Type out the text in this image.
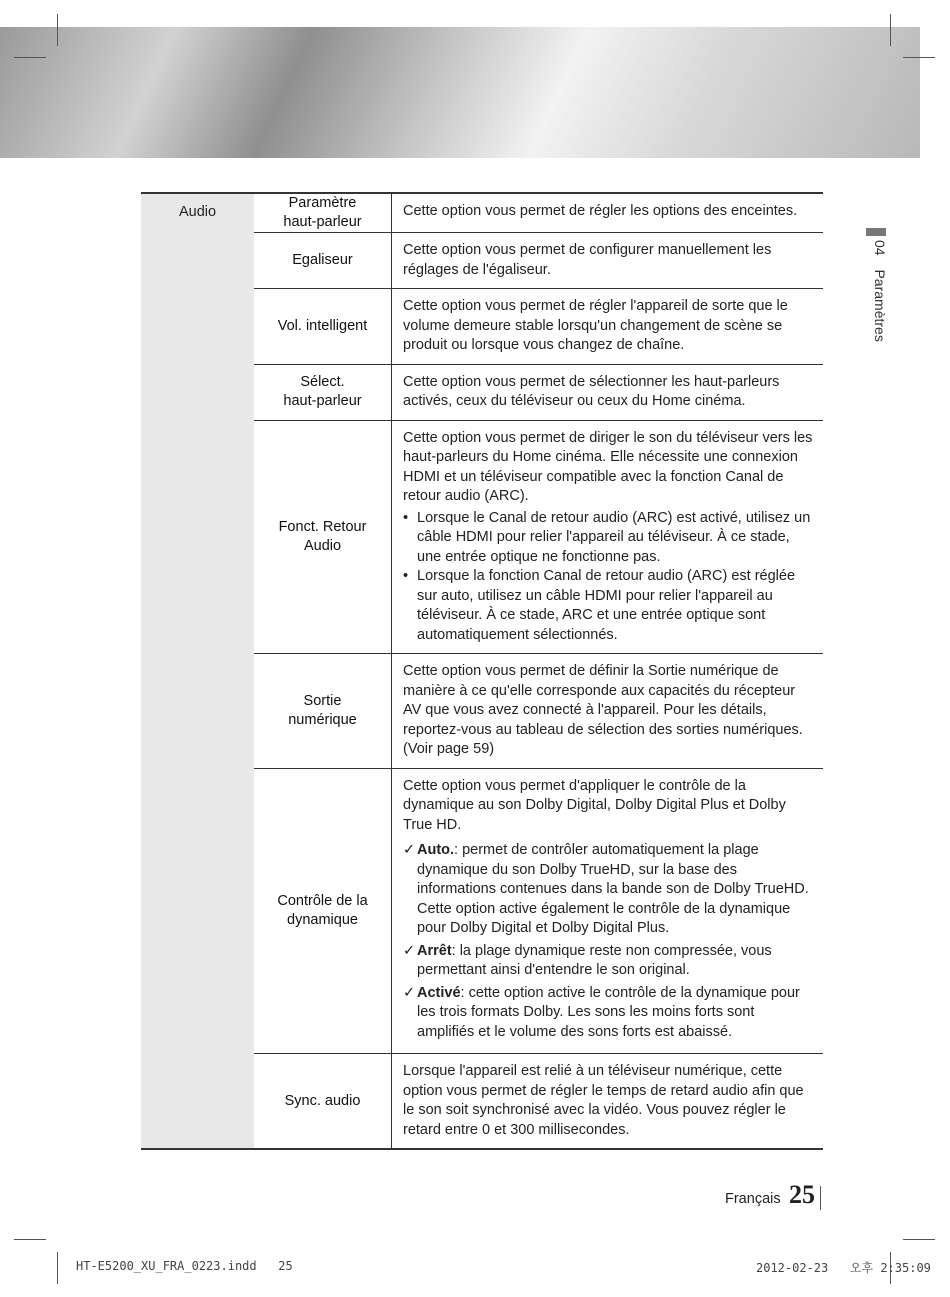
04 Paramètres
Audio
Paramètre
haut-parleur

Cette option vous permet de régler les options des enceintes.

Egaliseur

Cette option vous permet de configurer manuellement les réglages de l'égaliseur.

Vol. intelligent

Cette option vous permet de régler l'appareil de sorte que le volume demeure stable lorsqu'un changement de scène se produit ou lorsque vous changez de chaîne.

Sélect.
haut-parleur

Cette option vous permet de sélectionner les haut-parleurs activés, ceux du téléviseur ou ceux du Home cinéma.

Fonct. Retour
Audio

Cette option vous permet de diriger le son du téléviseur vers les haut-parleurs du Home cinéma. Elle nécessite une connexion HDMI et un téléviseur compatible avec la fonction Canal de retour audio (ARC).

• Lorsque le Canal de retour audio (ARC) est activé, utilisez un câble HDMI pour relier l'appareil au téléviseur. À ce stade, une entrée optique ne fonctionne pas.
• Lorsque la fonction Canal de retour audio (ARC) est réglée sur auto, utilisez un câble HDMI pour relier l'appareil au téléviseur. À ce stade, ARC et une entrée optique sont automatiquement sélectionnés.
Sortie
numérique

Cette option vous permet de définir la Sortie numérique de manière à ce qu'elle corresponde aux capacités du récepteur AV que vous avez connecté à l'appareil. Pour les détails, reportez-vous au tableau de sélection des sorties numériques. (Voir page 59)

Contrôle de la
dynamique

Cette option vous permet d'appliquer le contrôle de la dynamique au son Dolby Digital, Dolby Digital Plus et Dolby True HD.

✓ Auto.: permet de contrôler automatiquement la plage dynamique du son Dolby TrueHD, sur la base des informations contenues dans la bande son de Dolby TrueHD. Cette option active également le contrôle de la dynamique pour Dolby Digital et Dolby Digital Plus.
✓ Arrêt: la plage dynamique reste non compressée, vous permettant ainsi d'entendre le son original.
✓ Activé: cette option active le contrôle de la dynamique pour les trois formats Dolby. Les sons les moins forts sont amplifiés et le volume des sons forts est abaissé.
Sync. audio

Lorsque l'appareil est relié à un téléviseur numérique, cette option vous permet de régler le temps de retard audio afin que le son soit synchronisé avec la vidéo. Vous pouvez régler le retard entre 0 et 300 millisecondes.

Français 25
HT-E5200_XU_FRA_0223.indd   25	2012-02-23   오후 2:35:09
